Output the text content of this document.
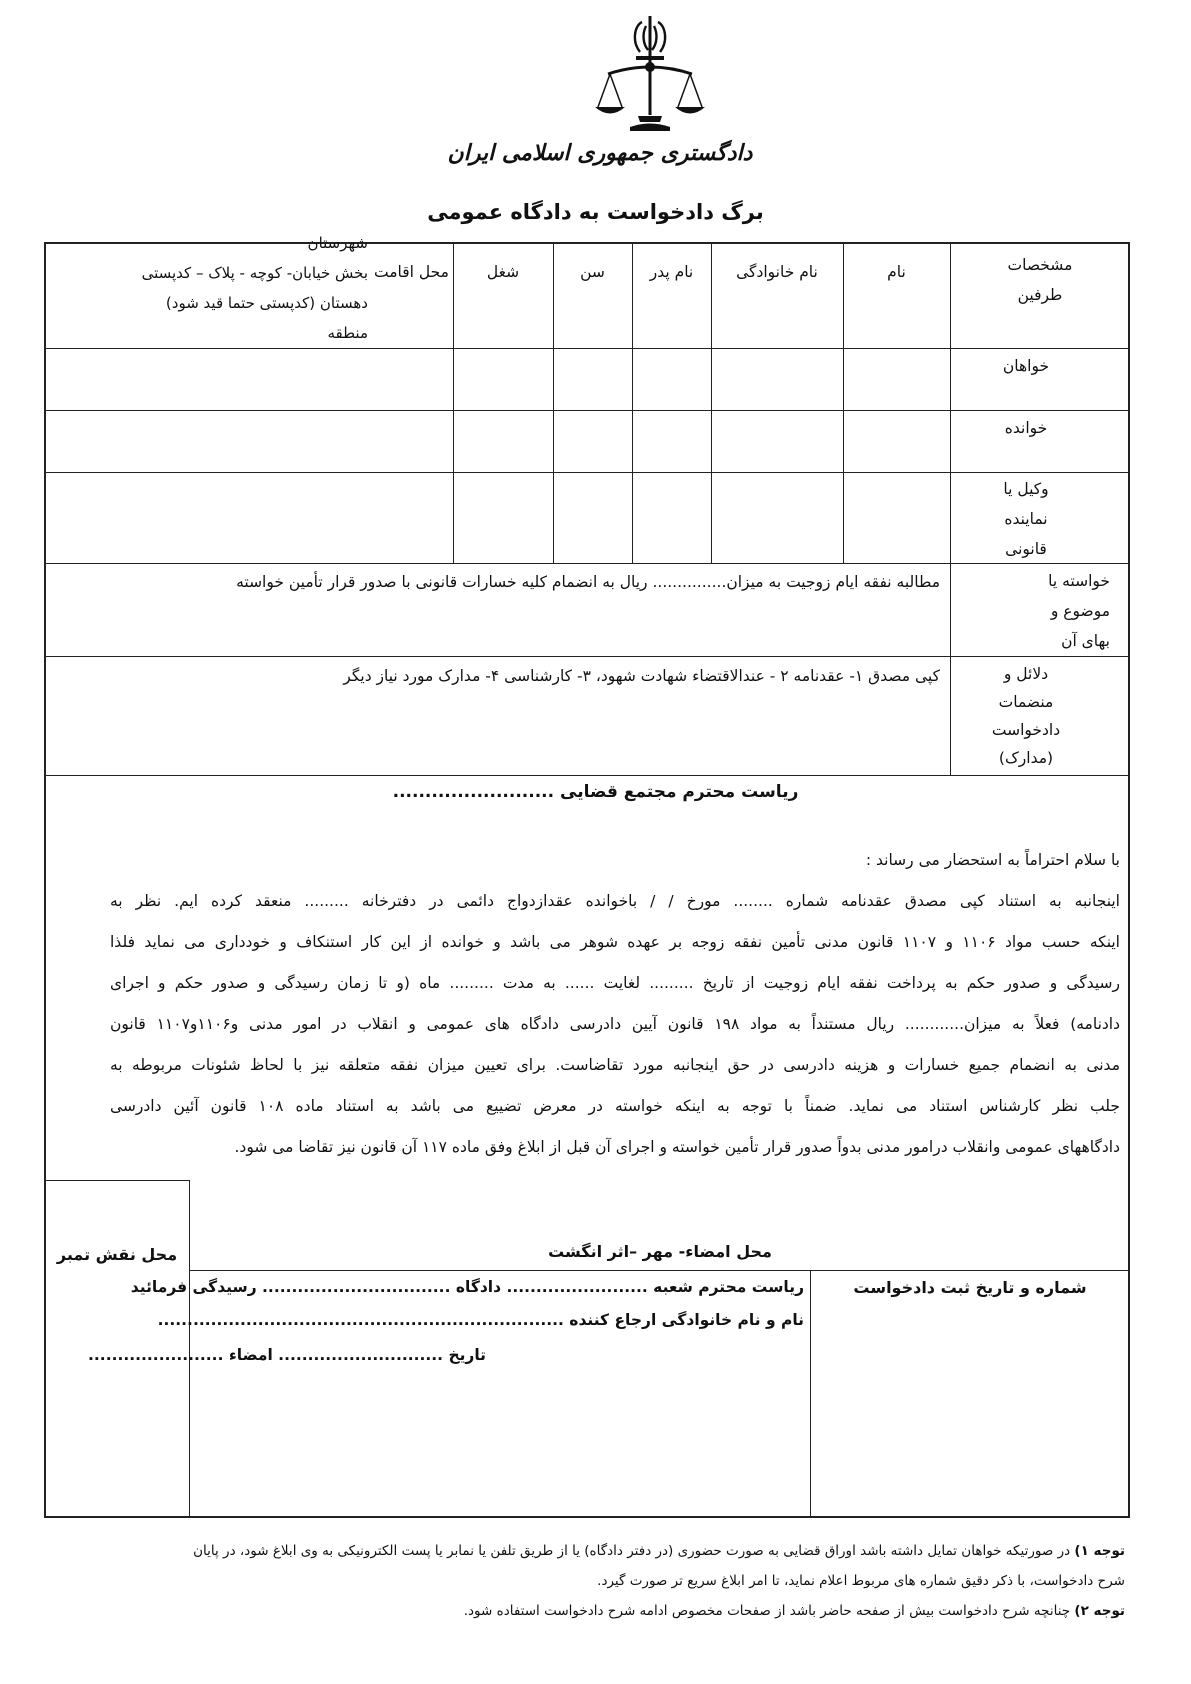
دادگستری جمهوری اسلامی ایران
برگ دادخواست به دادگاه عمومی
مشخصات
طرفین
نام
نام خانوادگی
نام پدر
سن
شغل
محل اقامت
شهرستان
بخش خیابان- کوچه - پلاک – کدپستی
دهستان (کدپستی حتما قید شود)
منطقه
خواهان
خوانده
وکیل یا
نماینده
قانونی
خواسته یا
موضوع و
بهای آن
مطالبه نفقه ایام زوجیت به میزان............... ریال به انضمام کلیه خسارات قانونی با صدور قرار تأمین خواسته
دلائل و
منضمات
دادخواست
(مدارک)
کپی مصدق ۱- عقدنامه ۲ - عندالاقتضاء شهادت شهود، ۳- کارشناسی ۴- مدارک مورد نیاز دیگر
ریاست محترم مجتمع قضایی .........................
با سلام احتراماً به استحضار می رساند :
اینجانبه به استناد کپی مصدق عقدنامه شماره ........ مورخ / / باخوانده عقدازدواج دائمی در دفترخانه ......... منعقد کرده ایم. نظر به
اینکه حسب مواد ۱۱۰۶ و ۱۱۰۷ قانون مدنی تأمین نفقه زوجه بر عهده شوهر می باشد و خوانده از این کار استنکاف و خودداری می نماید فلذا
رسیدگی و صدور حکم به پرداخت نفقه ایام زوجیت از تاریخ ......... لغایت ...... به مدت ......... ماه (و تا زمان رسیدگی و صدور حکم و اجرای
دادنامه) فعلاً به میزان............ ریال مستنداً به مواد ۱۹۸ قانون آیین دادرسی دادگاه های عمومی و انقلاب در امور مدنی و۱۱۰۶و۱۱۰۷ قانون
مدنی به انضمام جمیع خسارات و هزینه دادرسی در حق اینجانبه مورد تقاضاست. برای تعیین میزان نفقه متعلقه نیز با لحاظ شئونات مربوطه به
جلب نظر کارشناس استناد می نماید. ضمناً با توجه به اینکه خواسته در معرض تضییع می باشد به استناد ماده ۱۰۸ قانون آئین دادرسی
دادگاههای عمومی وانقلاب درامور مدنی بدواً صدور قرار تأمین خواسته و اجرای آن قبل از ابلاغ وفق ماده ۱۱۷ آن قانون نیز تقاضا می شود.
محل نقش تمبر	محل امضاء- مهر –اثر انگشت
شماره و تاریخ ثبت دادخواست
ریاست محترم شعبه ........................ دادگاه ................................ رسیدگی فرمائید
نام و نام خانوادگی ارجاع کننده .....................................................................
تاریخ ............................ امضاء .......................
توجه ۱) در صورتیکه خواهان تمایل داشته باشد اوراق قضایی به صورت حضوری (در دفتر دادگاه) یا از طریق تلفن یا نمابر یا پست الکترونیکی به وی ابلاغ شود، در پایان
شرح دادخواست، با ذکر دقیق شماره های مربوط اعلام نماید، تا امر ابلاغ سریع تر صورت گیرد.
توجه ۲) چنانچه شرح دادخواست بیش از صفحه حاضر باشد از صفحات مخصوص ادامه شرح دادخواست استفاده شود.
